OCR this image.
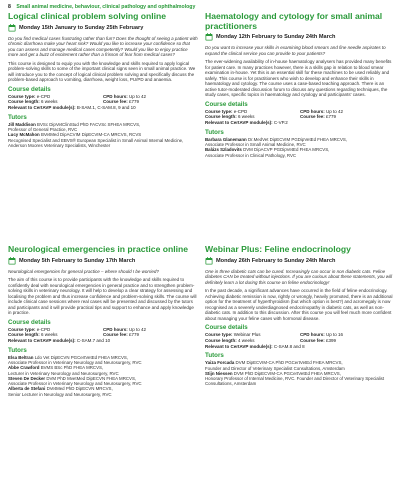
8 Small animal medicine, behaviour, clinical pathology and ophthalmology
Logical clinical problem solving online
Monday 15th January to Sunday 25th February

Do you find medical cases frustrating rather than fun? Does the thought of seeing a patient with chronic diarrhoea make your heart sink? Would you like to increase your confidence so that you can assess and manage medical cases competently? Would you like to enjoy practice more and get a buzz of excitement rather than a frisson of fear from medical cases?

This course is designed to equip you with the knowledge and skills required to apply logical problem-solving skills to some of the important clinical signs seen in small animal practice. We will introduce you to the concept of logical clinical problem solving and specifically discuss the problem-based approach to vomiting, diarrhoea, weight loss, PU/PD and anaemia.

Course details
Course type: e-CPD	CPD hours: Up to 42
Course length: 6 weeks	Course fee: £779
Relevant to CertAVP module(s): B-SAM.1, C-SAM.8, 9 and 10
Tutors
Jill Maddison BVSc DipVetClinStud PhD FACVSc SFHEA MRCVS,
Professor of General Practice, RVC
Lucy McMahon BVetMed DipACVIM DipECVIM-CA MRCVS, RCVS
Recognised Specialist and EBVS® European Specialist in Small Animal Internal Medicine, Anderson Moores Veterinary Specialists, Winchester
Haematology and cytology for small animal practitioners
Monday 12th February to Sunday 24th March

Do you want to increase your skills in examining blood smears and fine needle aspirates to expand the clinical service you can provide to your patients?

The ever-widening availability of in-house haematology analysers has provided many benefits for patient care. In many practices however, there is a skills gap in relation to blood smear examination in-house. Yet this is an essential skill for these machines to be used reliably and safely. This course is for practitioners who wish to develop and enhance their skills in haematology and cytology. The course uses a case-based teaching approach. There is an active tutor-moderated discussion forum to discuss any questions regarding techniques, the study cases, specific topics in haematology and cytology and participants' cases.

Course details
Course type: e-CPD	CPD hours: Up to 42
Course length: 6 weeks	Course fee: £779
Relevant to CertAVP module(s): C-VP.2
Tutors
Barbara Glanemann Dr.MedVet DipECVIM PGDipVetEd FHEA MRCVS,
Associate Professor in Small Animal Medicine, RVC
Balázs Szladovits DVM DipACVP PGDipVetEd FHEA MRCVS,
Associate Professor in Clinical Pathology, RVC
Neurological emergencies in practice online
Monday 5th February to Sunday 17th March

Neurological emergencies for general practice – where should I be worried?

The aim of this course is to provide participants with the knowledge and skills required to confidently deal with neurological emergencies in general practice and to strengthen problem-solving skills in veterinary neurology. It will help to develop a clear strategy for assessing and localising the problem and thus increase confidence and problem-solving skills. The course will include clinical case sessions where real cases will be presented and discussed by the tutors and participants and it will provide practical tips and support to enhance and apply knowledge in practice.

Course details
Course type: e-CPD	CPD hours: Up to 42
Course length: 6 weeks	Course fee: £779
Relevant to CertAVP module(s): C-SAM.7 and 10
Tutors
Elsa Beltran Ldo Vet DipECVN PGCertVetEd FHEA MRCVS,
Associate Professor in Veterinary Neurology and Neurosurgery, RVC
Abbe Crawford BVMS BSc PhD FHEA MRCVS,
Lecturer in Veterinary Neurology and Neurosurgery, RVC
Steven De Decker DVM PhD MvetMed DipECVN FHEA MRCVS,
Associate Professor in Veterinary Neurology and Neurosurgery, RVC
Alberta de Stefani DVetMed PhD DipECVN MRCVS,
Senior Lecturer in Neurology and Neurosurgery, RVC
Webinar Plus: Feline endocrinology
Monday 26th February to Sunday 24th March

One in three diabetic cats can be cured. Increasingly can occur in non diabetic cats. Feline diabetes CAN be treated without injections. If you are curious about these statements, you will definitely learn a lot during this course on feline endocrinology!

In the past decade, a significant advances have occurred in the field of feline endocrinology. Achieving diabetic remission is now, rightly or wrongly, heavily promoted, there is an additional option for the treatment of hyperthyroidism (but which option is best?) and acromegaly is now recognised as a severely underdiagnosed endocrinopathy in diabetic cats, as well as non-diabetic cats. In addition to this discussion. After this course you will feel much more confident about managing your feline cases with hormonal disease.

Course details
Course type: Webinar Plus	CPD hours: Up to 16
Course length: 4 weeks	Course fee: £399
Relevant to CertAVP module(s): C-SAM.8 and 8
Tutors
Yaiza Forcada DVM DipECVIM-CA PhD PGCertVetEd FHEA MRCVS,
Founder and Director of Veterinary Specialist Consultations, Amsterdam
Stijn Niessen DVM PhD DipECVIM-CA PGCertVetEd FHEA MRCVS,
Honorary Professor of Internal Medicine, RVC. Founder and Director of Veterinary Specialist Consultations, Amsterdam
